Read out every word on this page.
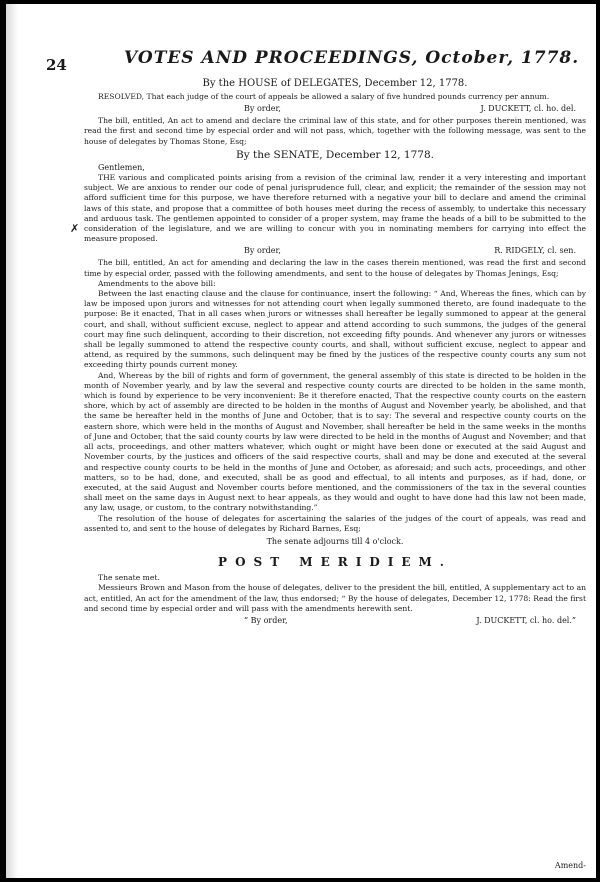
24	VOTES AND PROCEEDINGS, October, 1778.
✗

By the HOUSE of DELEGATES, December 12, 1778.

RESOLVED, That each judge of the court of appeals be allowed a salary of five hundred pounds currency per annum.

By order,	J. DUCKETT, cl. ho. del.

The bill, entitled, An act to amend and declare the criminal law of this state, and for other purposes therein mentioned, was read the first and second time by especial order and will not pass, which, together with the following message, was sent to the house of delegates by Thomas Stone, Esq;

By the SENATE, December 12, 1778.

Gentlemen,

THE various and complicated points arising from a revision of the criminal law, render it a very interesting and important subject. We are anxious to render our code of penal jurisprudence full, clear, and explicit; the remainder of the session may not afford sufficient time for this purpose, we have therefore returned with a negative your bill to declare and amend the criminal laws of this state, and propose that a committee of both houses meet during the recess of assembly, to undertake this necessary and arduous task. The gentlemen appointed to consider of a proper system, may frame the heads of a bill to be submitted to the consideration of the legislature, and we are willing to concur with you in nominating members for carrying into effect the measure proposed.

By order,	R. RIDGELY, cl. sen.

The bill, entitled, An act for amending and declaring the law in the cases therein mentioned, was read the first and second time by especial order, passed with the following amendments, and sent to the house of delegates by Thomas Jenings, Esq;

Amendments to the above bill:

Between the last enacting clause and the clause for continuance, insert the following: “ And, Whereas the fines, which can by law be imposed upon jurors and witnesses for not attending court when legally summoned thereto, are found inadequate to the purpose: Be it enacted, That in all cases when jurors or witnesses shall hereafter be legally summoned to appear at the general court, and shall, without sufficient excuse, neglect to appear and attend according to such summons, the judges of the general court may fine such delinquent, according to their discretion, not exceeding fifty pounds. And whenever any jurors or witnesses shall be legally summoned to attend the respective county courts, and shall, without sufficient excuse, neglect to appear and attend, as required by the summons, such delinquent may be fined by the justices of the respective county courts any sum not exceeding thirty pounds current money.

And, Whereas by the bill of rights and form of government, the general assembly of this state is directed to be holden in the month of November yearly, and by law the several and respective county courts are directed to be holden in the same month, which is found by experience to be very inconvenient: Be it therefore enacted, That the respective county courts on the eastern shore, which by act of assembly are directed to be holden in the months of August and November yearly, be abolished, and that the same be hereafter held in the months of June and October, that is to say: The several and respective county courts on the eastern shore, which were held in the months of August and November, shall hereafter be held in the same weeks in the months of June and October, that the said county courts by law were directed to be held in the months of August and November; and that all acts, proceedings, and other matters whatever, which ought or might have been done or executed at the said August and November courts, by the justices and officers of the said respective courts, shall and may be done and executed at the several and respective county courts to be held in the months of June and October, as aforesaid; and such acts, proceedings, and other matters, so to be had, done, and executed, shall be as good and effectual, to all intents and purposes, as if had, done, or executed, at the said August and November courts before mentioned, and the commissioners of the tax in the several counties shall meet on the same days in August next to hear appeals, as they would and ought to have done had this law not been made, any law, usage, or custom, to the contrary notwithstanding.”

The resolution of the house of delegates for ascertaining the salaries of the judges of the court of appeals, was read and assented to, and sent to the house of delegates by Richard Barnes, Esq;

The senate adjourns till 4 o'clock.

POST MERIDIEM.

The senate met.

Messieurs Brown and Mason from the house of delegates, deliver to the president the bill, entitled, A supplementary act to an act, entitled, An act for the amendment of the law, thus endorsed; “ By the house of delegates, December 12, 1778: Read the first and second time by especial order and will pass with the amendments herewith sent.

“ By order,	J. DUCKETT, cl. ho. del.”
Amend-
